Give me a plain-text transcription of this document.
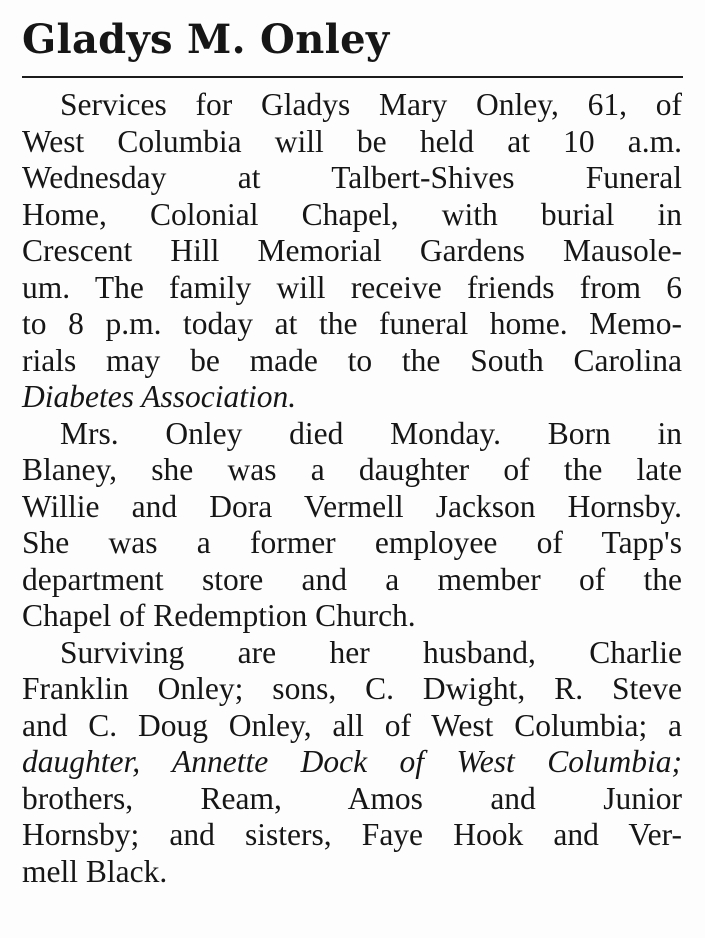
Gladys M. Onley

Services for Gladys Mary Onley, 61, of
West Columbia will be held at 10 a.m.
Wednesday at Talbert-Shives Funeral
Home, Colonial Chapel, with burial in
Crescent Hill Memorial Gardens Mausole-
um. The family will receive friends from 6
to 8 p.m. today at the funeral home. Memo-
rials may be made to the South Carolina
Diabetes Association.

Mrs. Onley died Monday. Born in
Blaney, she was a daughter of the late
Willie and Dora Vermell Jackson Hornsby.
She was a former employee of Tapp's
department store and a member of the
Chapel of Redemption Church.

Surviving are her husband, Charlie
Franklin Onley; sons, C. Dwight, R. Steve
and C. Doug Onley, all of West Columbia; a
daughter, Annette Dock of West Columbia;
brothers, Ream, Amos and Junior
Hornsby; and sisters, Faye Hook and Ver-
mell Black.
